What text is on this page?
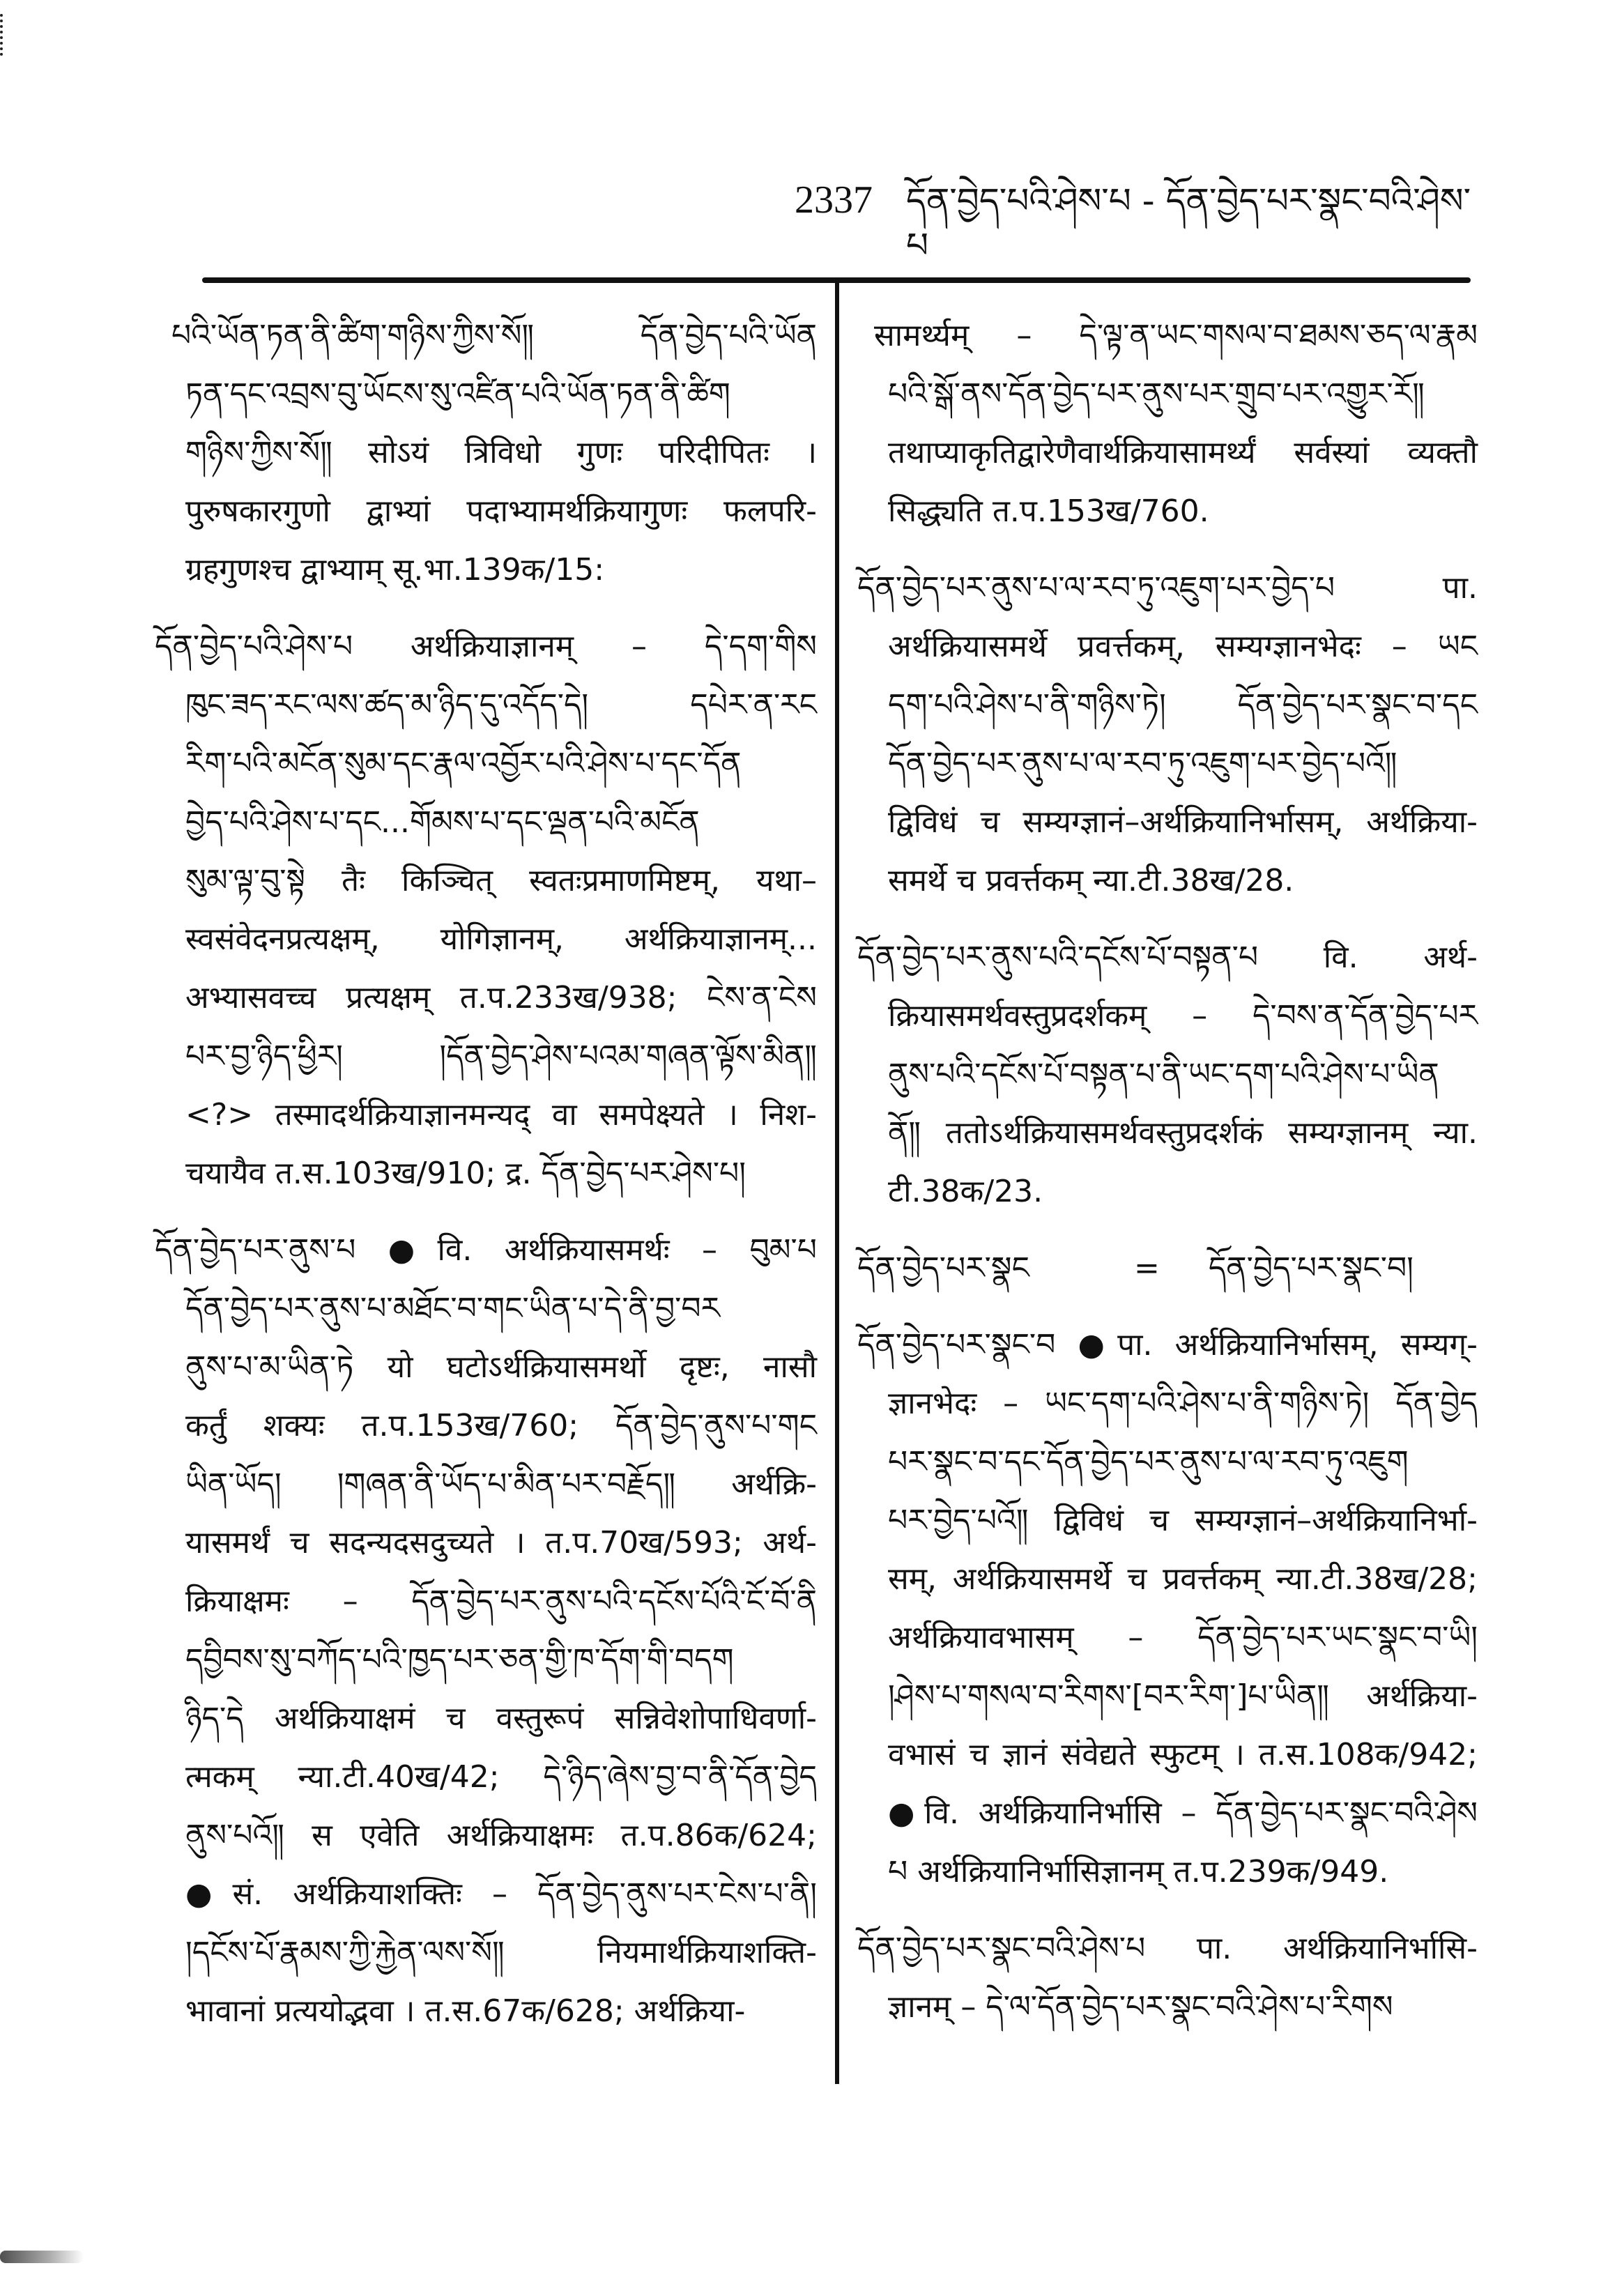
2337 དོན་བྱེད་པའི་ཤེས་པ - དོན་བྱེད་པར་སྣང་བའི་ཤེས་པ
པའི་ཡོན་ཏན་ནི་ཚིག་གཉིས་ཀྱིས་སོ༎ དོན་བྱེད་པའི་ཡོན
ཏན་དང་འབྲས་བུ་ཡོངས་སུ་འཛིན་པའི་ཡོན་ཏན་ནི་ཚིག
གཉིས་ཀྱིས་སོ༎ सोऽयं त्रिविधो गुणः परिदीपितः ।
पुरुषकारगुणो द्वाभ्यां पदाभ्यामर्थक्रियागुणः फलपरि-
ग्रहगुणश्च द्वाभ्याम् सू.भा.139क/15:
དོན་བྱེད་པའི་ཤེས་པ अर्थक्रियाज्ञानम् – དེ་དག་གིས
ཁུང་ཟད་རང་ལས་ཚད་མ་ཉིད་དུ་འདོད་དེ། དཔེར་ན་རང
རིག་པའི་མངོན་སུམ་དང་རྣལ་འབྱོར་པའི་ཤེས་པ་དང་དོན
བྱེད་པའི་ཤེས་པ་དང...གོམས་པ་དང་ལྡན་པའི་མངོན
སུམ་ལྟ་བུ་སྟེ तैः किञ्चित् स्वतःप्रमाणमिष्टम्, यथा–
स्वसंवेदनप्रत्यक्षम्, योगिज्ञानम्, अर्थक्रियाज्ञानम्...
अभ्यासवच्च प्रत्यक्षम् त.प.233ख/938; ངེས་ན་ངེས
པར་བྱ་ཉིད་ཕྱིར། །དོན་བྱེད་ཤེས་པའམ་གཞན་ལྟོས་མིན༎
<?> तस्मादर्थक्रियाज्ञानमन्यद् वा समपेक्ष्यते । निश-
चयायैव त.स.103ख/910; द्र. དོན་བྱེད་པར་ཤེས་པ།
དོན་བྱེད་པར་ནུས་པ ●वि. अर्थक्रियासमर्थः – བུམ་པ
དོན་བྱེད་པར་ནུས་པ་མཐོང་བ་གང་ཡིན་པ་དེ་ནི་བྱ་བར
ནུས་པ་མ་ཡིན་ཏེ यो घटोऽर्थक्रियासमर्थो दृष्टः, नासौ
कर्तुं शक्यः त.प.153ख/760; དོན་བྱེད་ནུས་པ་གང
ཡིན་ཡོད། །གཞན་ནི་ཡོད་པ་མིན་པར་བརྗོད༎ अर्थक्रि-
यासमर्थं च सदन्यदसदुच्यते । त.प.70ख/593; अर्थ-
क्रियाक्षमः – དོན་བྱེད་པར་ནུས་པའི་དངོས་པོའི་ངོ་བོ་ནི
དབྱིབས་སུ་བཀོད་པའི་ཁྱད་པར་ཅན་གྱི་ཁ་དོག་གི་བདག
ཉིད་དེ अर्थक्रियाक्षमं च वस्तुरूपं सन्निवेशोपाधिवर्णा-
त्मकम् न्या.टी.40ख/42; དེ་ཉིད་ཞེས་བྱ་བ་ནི་དོན་བྱེད
ནུས་པའོ༎ स एवेति अर्थक्रियाक्षमः त.प.86क/624;
●सं. अर्थक्रियाशक्तिः – དོན་བྱེད་ནུས་པར་ངེས་པ་ནི།
།དངོས་པོ་རྣམས་ཀྱི་རྐྱེན་ལས་སོ༎ नियमार्थक्रियाशक्ति-
भावानां प्रत्ययोद्भवा । त.स.67क/628; अर्थक्रिया-
सामर्थ्यम् – དེ་ལྟ་ན་ཡང་གསལ་བ་ཐམས་ཅད་ལ་རྣམ
པའི་སྒོ་ནས་དོན་བྱེད་པར་ནུས་པར་གྲུབ་པར་འགྱུར་རོ༎
तथाप्याकृतिद्वारेणैवार्थक्रियासामर्थ्यं सर्वस्यां व्यक्तौ
सिद्ध्यति त.प.153ख/760.
དོན་བྱེད་པར་ནུས་པ་ལ་རབ་ཏུ་འཇུག་པར་བྱེད་པ पा.
अर्थक्रियासमर्थे प्रवर्त्तकम्, सम्यग्ज्ञानभेदः – ཡང
དག་པའི་ཤེས་པ་ནི་གཉིས་ཏེ། དོན་བྱེད་པར་སྣང་བ་དང
དོན་བྱེད་པར་ནུས་པ་ལ་རབ་ཏུ་འཇུག་པར་བྱེད་པའོ༎
द्विविधं च सम्यग्ज्ञानं–अर्थक्रियानिर्भासम्, अर्थक्रिया-
समर्थे च प्रवर्त्तकम् न्या.टी.38ख/28.
དོན་བྱེད་པར་ནུས་པའི་དངོས་པོ་བསྟན་པ वि. अर्थ-
क्रियासमर्थवस्तुप्रदर्शकम् – དེ་བས་ན་དོན་བྱེད་པར
ནུས་པའི་དངོས་པོ་བསྟན་པ་ནི་ཡང་དག་པའི་ཤེས་པ་ཡིན
ནོ༎ ततोऽर्थक्रियासमर्थवस्तुप्रदर्शकं सम्यग्ज्ञानम् न्या.
टी.38क/23.
དོན་བྱེད་པར་སྣང	= དོན་བྱེད་པར་སྣང་བ།
དོན་བྱེད་པར་སྣང་བ ●पा. अर्थक्रियानिर्भासम्, सम्यग्-
ज्ञानभेदः – ཡང་དག་པའི་ཤེས་པ་ནི་གཉིས་ཏེ། དོན་བྱེད
པར་སྣང་བ་དང་དོན་བྱེད་པར་ནུས་པ་ལ་རབ་ཏུ་འཇུག
པར་བྱེད་པའོ༎ द्विविधं च सम्यग्ज्ञानं–अर्थक्रियानिर्भा-
सम्, अर्थक्रियासमर्थे च प्रवर्त्तकम् न्या.टी.38ख/28;
अर्थक्रियावभासम् – དོན་བྱེད་པར་ཡང་སྣང་བ་ཡི།
།ཤེས་པ་གསལ་བ་རིགས་[བར་རིག་]པ་ཡིན༎ अर्थक्रिया-
वभासं च ज्ञानं संवेद्यते स्फुटम् । त.स.108क/942;
●वि. अर्थक्रियानिर्भासि – དོན་བྱེད་པར་སྣང་བའི་ཤེས
པ अर्थक्रियानिर्भासिज्ञानम् त.प.239क/949.
དོན་བྱེད་པར་སྣང་བའི་ཤེས་པ पा. अर्थक्रियानिर्भासि-
ज्ञानम् – དེ་ལ་དོན་བྱེད་པར་སྣང་བའི་ཤེས་པ་རིགས
